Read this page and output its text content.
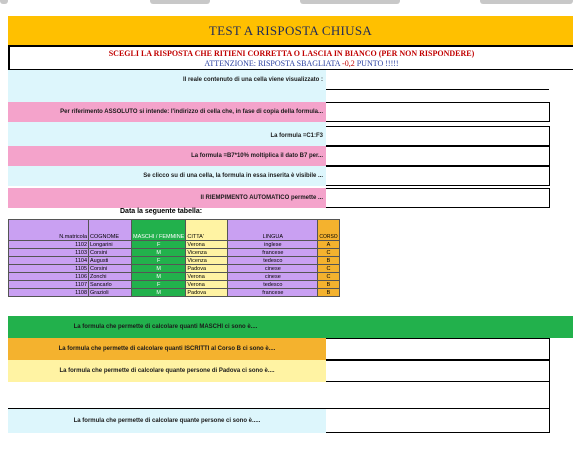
TEST A RISPOSTA CHIUSA
SCEGLI LA RISPOSTA CHE RITIENI CORRETTA O LASCIA IN BIANCO (PER NON RISPONDERE)
ATTENZIONE: RISPOSTA SBAGLIATA -0,2 PUNTO !!!!!
Il reale contenuto di una cella viene visualizzato :
Per riferimento ASSOLUTO si intende: l'indirizzo di cella che, in fase di copia della formula...
La formula =C1:F3
La formula =B7*10% moltiplica il dato B7 per...
Se clicco su di una cella, la formula in essa inserita è visibile ...
Il RIEMPIMENTO AUTOMATICO permette ...
Data la seguente tabella:
N.matricola	COGNOME	MASCHI / FEMMINE	CITTA'	LINGUA	CORSO
1102	Longarini	F	Verona	inglese	A
1103	Corsini	M	Vicenza	francese	C
1104	Augusti	F	Vicenza	tedesco	B
1105	Corsini	M	Padova	cinese	C
1106	Zonchi	M	Verona	cinese	C
1107	Sancarlo	F	Verona	tedesco	B
1108	Grazioli	M	Padova	francese	B
La formula che permette di calcolare quanti MASCHI ci sono è....
La formula che permette di calcolare quanti ISCRITTI al Corso B ci sono è....
La formula che permette di calcolare quante persone di Padova ci sono è....
La formula che permette di calcolare quante persone ci sono è.....
